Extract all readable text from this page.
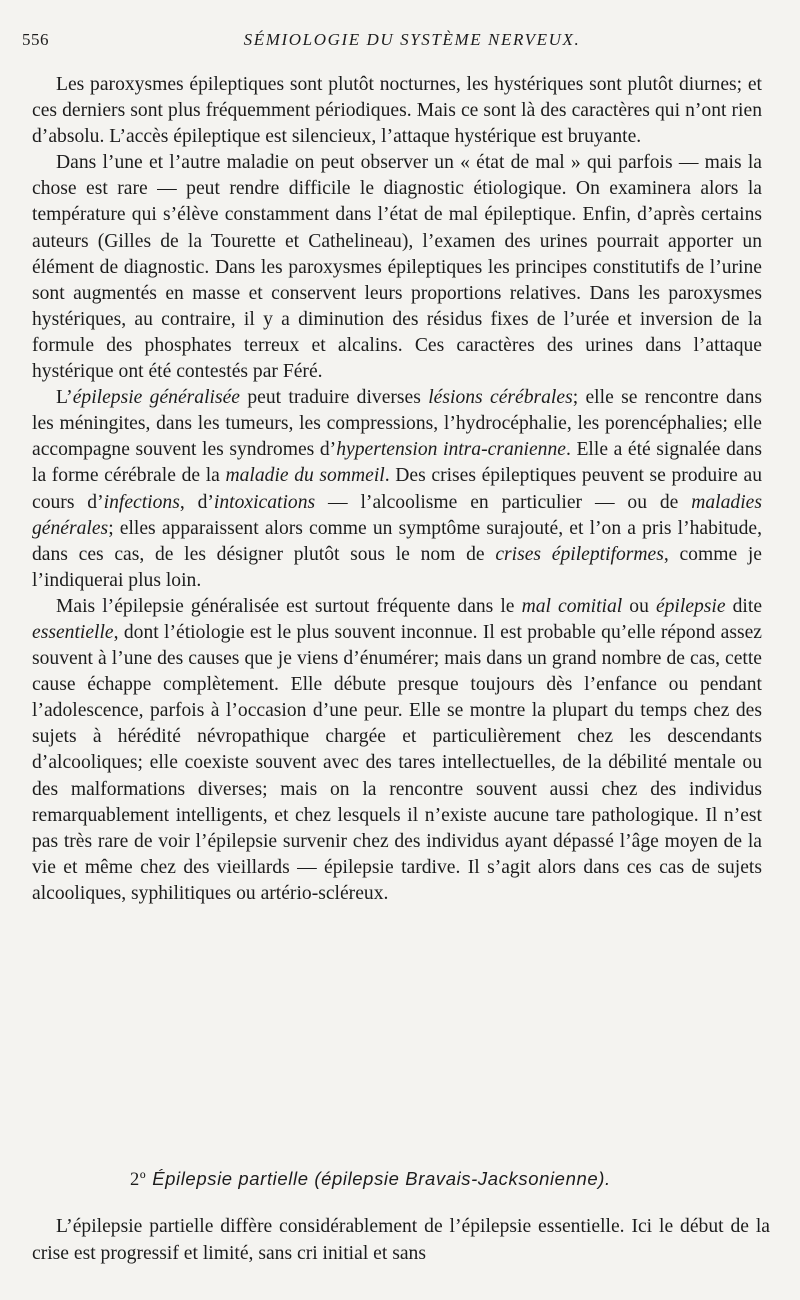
556	SÉMIOLOGIE DU SYSTÈME NERVEUX.

Les paroxysmes épileptiques sont plutôt nocturnes, les hystériques sont plutôt diurnes; et ces derniers sont plus fréquemment périodiques. Mais ce sont là des caractères qui n’ont rien d’absolu. L’accès épileptique est silencieux, l’attaque hystérique est bruyante.

Dans l’une et l’autre maladie on peut observer un « état de mal » qui parfois — mais la chose est rare — peut rendre difficile le diagnostic étiologique. On examinera alors la température qui s’élève constamment dans l’état de mal épileptique. Enfin, d’après certains auteurs (Gilles de la Tourette et Cathelineau), l’examen des urines pourrait apporter un élément de diagnostic. Dans les paroxysmes épileptiques les principes constitutifs de l’urine sont augmentés en masse et conservent leurs proportions relatives. Dans les paroxysmes hystériques, au contraire, il y a diminution des résidus fixes de l’urée et inversion de la formule des phosphates terreux et alcalins. Ces caractères des urines dans l’attaque hystérique ont été contestés par Féré.

L’épilepsie généralisée peut traduire diverses lésions cérébrales; elle se rencontre dans les méningites, dans les tumeurs, les compressions, l’hydrocéphalie, les porencéphalies; elle accompagne souvent les syndromes d’hypertension intra-cranienne. Elle a été signalée dans la forme cérébrale de la maladie du sommeil. Des crises épileptiques peuvent se produire au cours d’infections, d’intoxications — l’alcoolisme en particulier — ou de maladies générales; elles apparaissent alors comme un symptôme surajouté, et l’on a pris l’habitude, dans ces cas, de les désigner plutôt sous le nom de crises épileptiformes, comme je l’indiquerai plus loin.

Mais l’épilepsie généralisée est surtout fréquente dans le mal comitial ou épilepsie dite essentielle, dont l’étiologie est le plus souvent inconnue. Il est probable qu’elle répond assez souvent à l’une des causes que je viens d’énumérer; mais dans un grand nombre de cas, cette cause échappe complètement. Elle débute presque toujours dès l’enfance ou pendant l’adolescence, parfois à l’occasion d’une peur. Elle se montre la plupart du temps chez des sujets à hérédité névropathique chargée et particulièrement chez les descendants d’alcooliques; elle coexiste souvent avec des tares intellectuelles, de la débilité mentale ou des malformations diverses; mais on la rencontre souvent aussi chez des individus remarquablement intelligents, et chez lesquels il n’existe aucune tare pathologique. Il n’est pas très rare de voir l’épilepsie survenir chez des individus ayant dépassé l’âge moyen de la vie et même chez des vieillards — épilepsie tardive. Il s’agit alors dans ces cas de sujets alcooliques, syphilitiques ou artério-scléreux.

2º Épilepsie partielle (épilepsie Bravais-Jacksonienne).

L’épilepsie partielle diffère considérablement de l’épilepsie essentielle. Ici le début de la crise est progressif et limité, sans cri initial et sans
